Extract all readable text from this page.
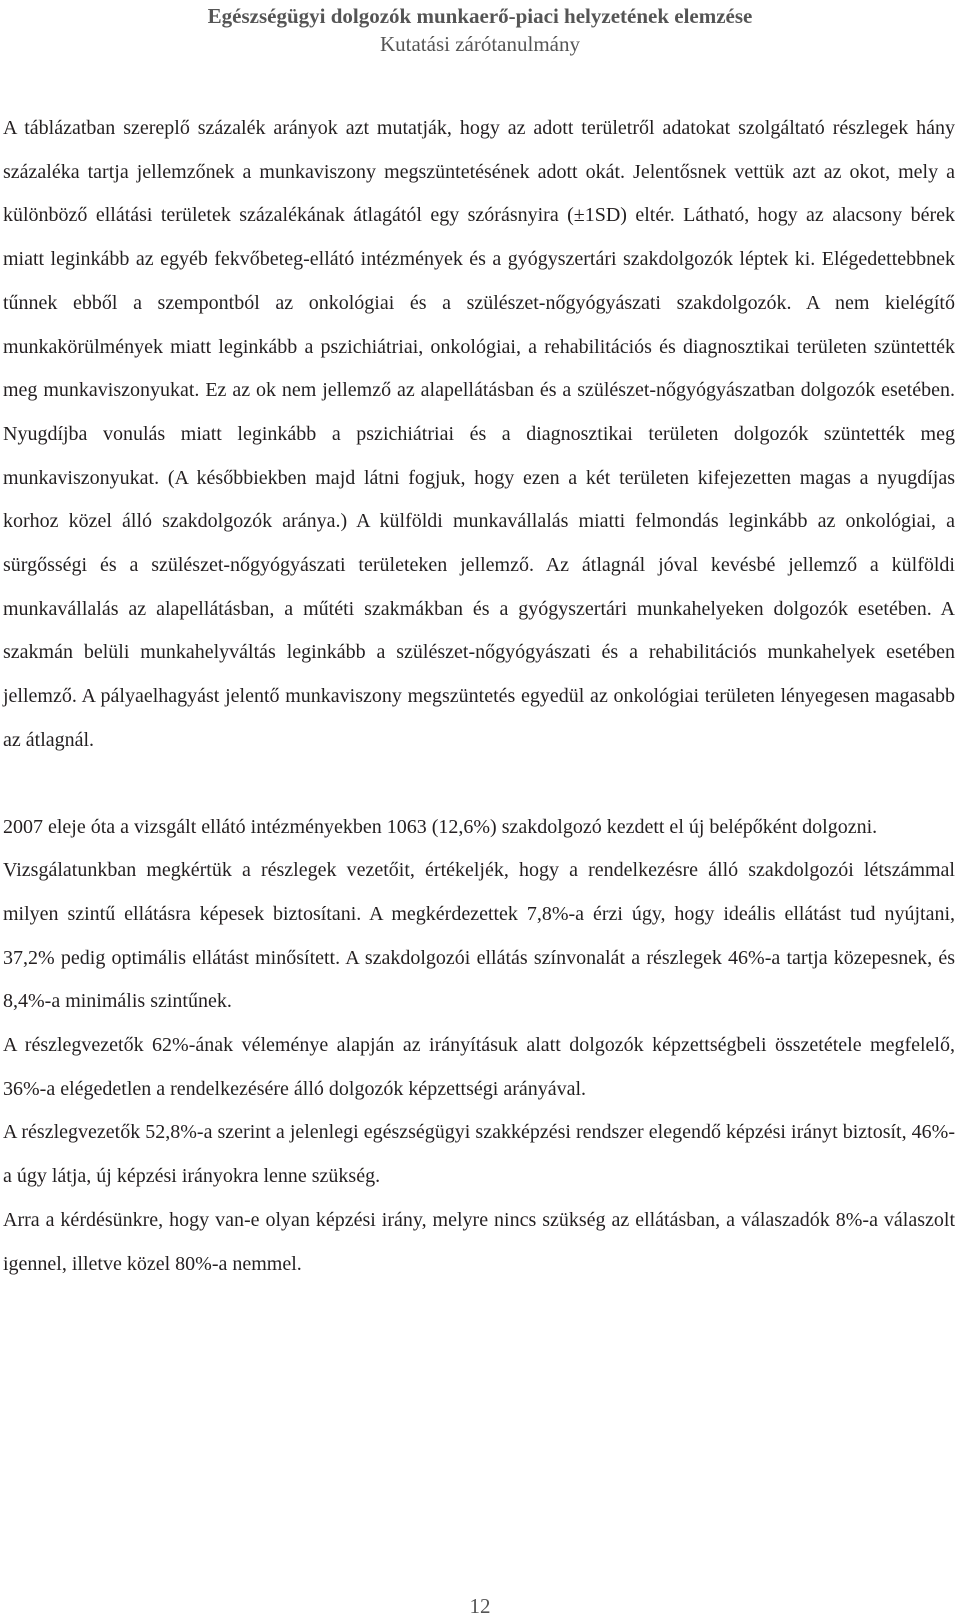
Egészségügyi dolgozók munkaerő-piaci helyzetének elemzése
Kutatási zárótanulmány

A táblázatban szereplő százalék arányok azt mutatják, hogy az adott területről adatokat szolgáltató részlegek hány százaléka tartja jellemzőnek a munkaviszony megszüntetésének adott okát. Jelentősnek vettük azt az okot, mely a különböző ellátási területek százalékának átlagától egy szórásnyira (±1SD) eltér. Látható, hogy az alacsony bérek miatt leginkább az egyéb fekvőbeteg-ellátó intézmények és a gyógyszertári szakdolgozók léptek ki. Elégedettebbnek tűnnek ebből a szempontból az onkológiai és a szülészet-nőgyógyászati szakdolgozók. A nem kielégítő munkakörülmények miatt leginkább a pszichiátriai, onkológiai, a rehabilitációs és diagnosztikai területen szüntették meg munkaviszonyukat. Ez az ok nem jellemző az alapellátásban és a szülészet-nőgyógyászatban dolgozók esetében. Nyugdíjba vonulás miatt leginkább a pszichiátriai és a diagnosztikai területen dolgozók szüntették meg munkaviszonyukat. (A későbbiekben majd látni fogjuk, hogy ezen a két területen kifejezetten magas a nyugdíjas korhoz közel álló szakdolgozók aránya.) A külföldi munkavállalás miatti felmondás leginkább az onkológiai, a sürgősségi és a szülészet-nőgyógyászati területeken jellemző. Az átlagnál jóval kevésbé jellemző a külföldi munkavállalás az alapellátásban, a műtéti szakmákban és a gyógyszertári munkahelyeken dolgozók esetében. A szakmán belüli munkahelyváltás leginkább a szülészet-nőgyógyászati és a rehabilitációs munkahelyek esetében jellemző. A pályaelhagyást jelentő munkaviszony megszüntetés egyedül az onkológiai területen lényegesen magasabb az átlagnál.

2007 eleje óta a vizsgált ellátó intézményekben 1063 (12,6%) szakdolgozó kezdett el új belépőként dolgozni.

Vizsgálatunkban megkértük a részlegek vezetőit, értékeljék, hogy a rendelkezésre álló szakdolgozói létszámmal milyen szintű ellátásra képesek biztosítani. A megkérdezettek 7,8%-a érzi úgy, hogy ideális ellátást tud nyújtani, 37,2% pedig optimális ellátást minősített. A szakdolgozói ellátás színvonalát a részlegek 46%-a tartja közepesnek, és 8,4%-a minimális szintűnek.

A részlegvezetők 62%-ának véleménye alapján az irányításuk alatt dolgozók képzettségbeli összetétele megfelelő, 36%-a elégedetlen a rendelkezésére álló dolgozók képzettségi arányával.

A részlegvezetők 52,8%-a szerint a jelenlegi egészségügyi szakképzési rendszer elegendő képzési irányt biztosít, 46%-a úgy látja, új képzési irányokra lenne szükség.

Arra a kérdésünkre, hogy van-e olyan képzési irány, melyre nincs szükség az ellátásban, a válaszadók 8%-a válaszolt igennel, illetve közel 80%-a nemmel.

12
